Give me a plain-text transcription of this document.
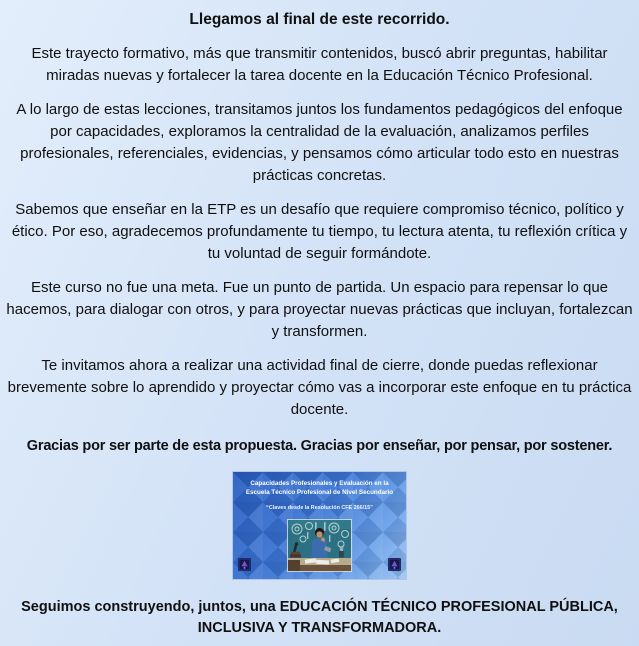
Llegamos al final de este recorrido.

Este trayecto formativo, más que transmitir contenidos, buscó abrir preguntas, habilitar miradas nuevas y fortalecer la tarea docente en la Educación Técnico Profesional.

A lo largo de estas lecciones, transitamos juntos los fundamentos pedagógicos del enfoque por capacidades, exploramos la centralidad de la evaluación, analizamos perfiles profesionales, referenciales, evidencias, y pensamos cómo articular todo esto en nuestras prácticas concretas.

Sabemos que enseñar en la ETP es un desafío que requiere compromiso técnico, político y ético. Por eso, agradecemos profundamente tu tiempo, tu lectura atenta, tu reflexión crítica y tu voluntad de seguir formándote.

Este curso no fue una meta. Fue un punto de partida. Un espacio para repensar lo que hacemos, para dialogar con otros, y para proyectar nuevas prácticas que incluyan, fortalezcan y transformen.

Te invitamos ahora a realizar una actividad final de cierre, donde puedas reflexionar brevemente sobre lo aprendido y proyectar cómo vas a incorporar este enfoque en tu práctica docente.

Gracias por ser parte de esta propuesta. Gracias por enseñar, por pensar, por sostener.
Capacidades Profesionales y Evaluación en la Escuela Técnico Profesional de Nivel Secundario
“Claves desde la Resolución CFE 266/15”
Seguimos construyendo, juntos, una EDUCACIÓN TÉCNICO PROFESIONAL PÚBLICA, INCLUSIVA Y TRANSFORMADORA.
